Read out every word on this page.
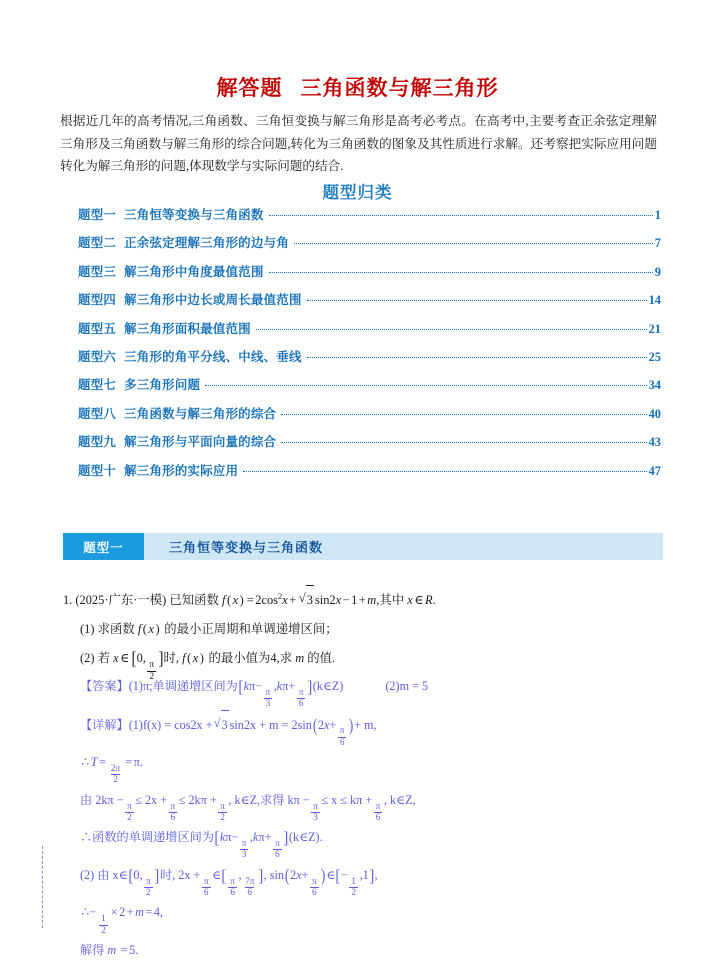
解答题 三角函数与解三角形
根据近几年的高考情况,三角函数、三角恒变换与解三角形是高考必考点。在高考中,主要考查正余弦定理解三角形及三角函数与解三角形的综合问题,转化为三角函数的图象及其性质进行求解。还考察把实际应用问题转化为解三角形的问题,体现数学与实际问题的结合.
题型归类
题型一 三角恒等变换与三角函数	1
题型二 正余弦定理解三角形的边与角	7
题型三 解三角形中角度最值范围	9
题型四 解三角形中边长或周长最值范围	14
题型五 解三角形面积最值范围	21
题型六 三角形的角平分线、中线、垂线	25
题型七 多三角形问题	34
题型八 三角函数与解三角形的综合	40
题型九 解三角形与平面向量的综合	43
题型十 解三角形的实际应用	47
题型一	三角恒等变换与三角函数
1. (2025·广东·一模) 已知函数 f ( x ) = $2\cos^2x$ + √ 3 sin2x − 1 + m,其中 x ∈ R.
(1) 求函数 f ( x ) 的最小正周期和单调递增区间；
(2) 若 x ∈ [0,
$\frac{\pi}{2}$
]时, f ( x ) 的最小值为4,求 m 的值.
【答案】(1)π;单调递增区间为[kπ−
$\frac{\pi}{3}$
,kπ+
$\frac{\pi}{6}$
](k∈Z)	(2)m = 5
【详解】(1)f(x) = cos2x + √ 3 sin2x + m = 2sin(2x+
$\frac{\pi}{6}$
)+ m,
∴ T =
$\frac{2\pi}{2}$
= π.
由 2kπ −
$\frac{\pi}{2}$
≤ 2x +
$\frac{\pi}{6}$
≤ 2kπ +
$\frac{\pi}{2}$
, k∈Z,求得 kπ −
$\frac{\pi}{3}$
≤ x ≤ kπ +
$\frac{\pi}{6}$
, k∈Z,
∴函数的单调递增区间为[kπ−
$\frac{\pi}{3}$
,kπ+
$\frac{\pi}{6}$
](k∈Z).
(2) 由 x∈[0,
$\frac{\pi}{2}$
]时, 2x +
$\frac{\pi}{6}$
∈[
$\frac{\pi}{6}$
,
$\frac{7\pi}{6}$
], sin(2x+
$\frac{\pi}{6}$
)∈[−
$\frac{1}{2}$
,1],
∴−
$\frac{1}{2}$
× 2 + m = 4,
解得 m = 5.
